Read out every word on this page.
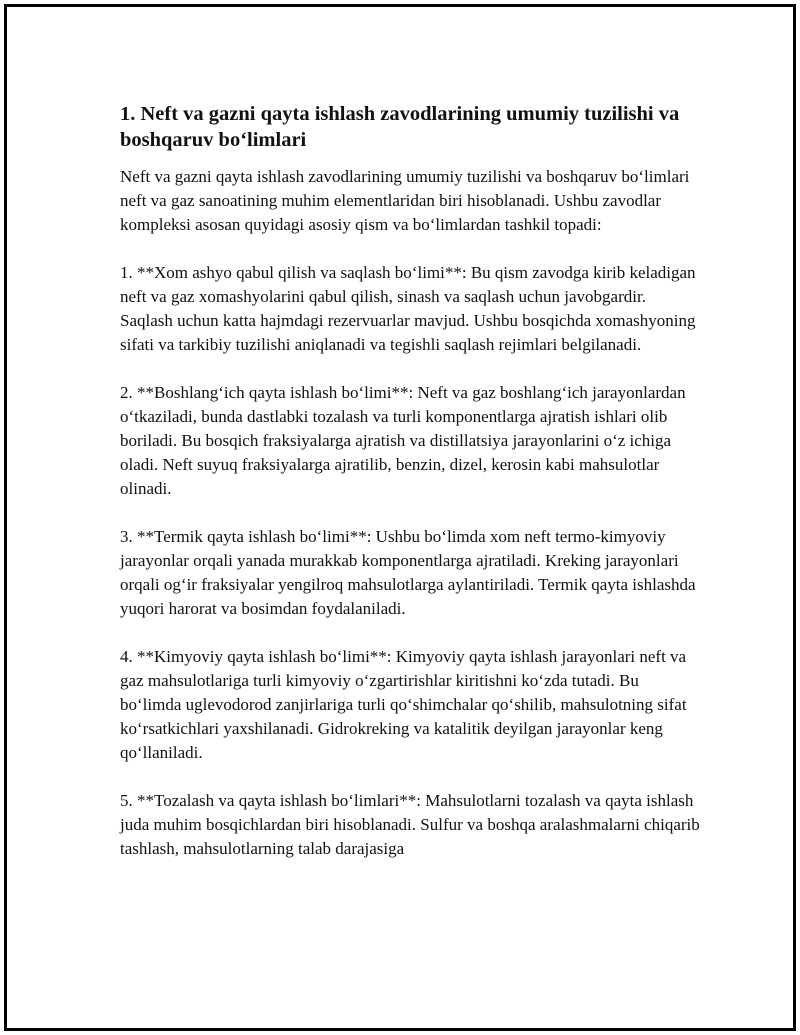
1. Neft va gazni qayta ishlash zavodlarining umumiy tuzilishi va boshqaruv bo‘limlari

Neft va gazni qayta ishlash zavodlarining umumiy tuzilishi va boshqaruv bo‘limlari neft va gaz sanoatining muhim elementlaridan biri hisoblanadi. Ushbu zavodlar kompleksi asosan quyidagi asosiy qism va bo‘limlardan tashkil topadi:

1. **Xom ashyo qabul qilish va saqlash bo‘limi**: Bu qism zavodga kirib keladigan neft va gaz xomashyolarini qabul qilish, sinash va saqlash uchun javobgardir. Saqlash uchun katta hajmdagi rezervuarlar mavjud. Ushbu bosqichda xomashyoning sifati va tarkibiy tuzilishi aniqlanadi va tegishli saqlash rejimlari belgilanadi.

2. **Boshlang‘ich qayta ishlash bo‘limi**: Neft va gaz boshlang‘ich jarayonlardan o‘tkaziladi, bunda dastlabki tozalash va turli komponentlarga ajratish ishlari olib boriladi. Bu bosqich fraksiyalarga ajratish va distillatsiya jarayonlarini o‘z ichiga oladi. Neft suyuq fraksiyalarga ajratilib, benzin, dizel, kerosin kabi mahsulotlar olinadi.

3. **Termik qayta ishlash bo‘limi**: Ushbu bo‘limda xom neft termo-kimyoviy jarayonlar orqali yanada murakkab komponentlarga ajratiladi. Kreking jarayonlari orqali og‘ir fraksiyalar yengilroq mahsulotlarga aylantiriladi. Termik qayta ishlashda yuqori harorat va bosimdan foydalaniladi.

4. **Kimyoviy qayta ishlash bo‘limi**: Kimyoviy qayta ishlash jarayonlari neft va gaz mahsulotlariga turli kimyoviy o‘zgartirishlar kiritishni ko‘zda tutadi. Bu bo‘limda uglevodorod zanjirlariga turli qo‘shimchalar qo‘shilib, mahsulotning sifat ko‘rsatkichlari yaxshilanadi. Gidrokreking va katalitik deyilgan jarayonlar keng qo‘llaniladi.

5. **Tozalash va qayta ishlash bo‘limlari**: Mahsulotlarni tozalash va qayta ishlash juda muhim bosqichlardan biri hisoblanadi. Sulfur va boshqa aralashmalarni chiqarib tashlash, mahsulotlarning talab darajasiga
